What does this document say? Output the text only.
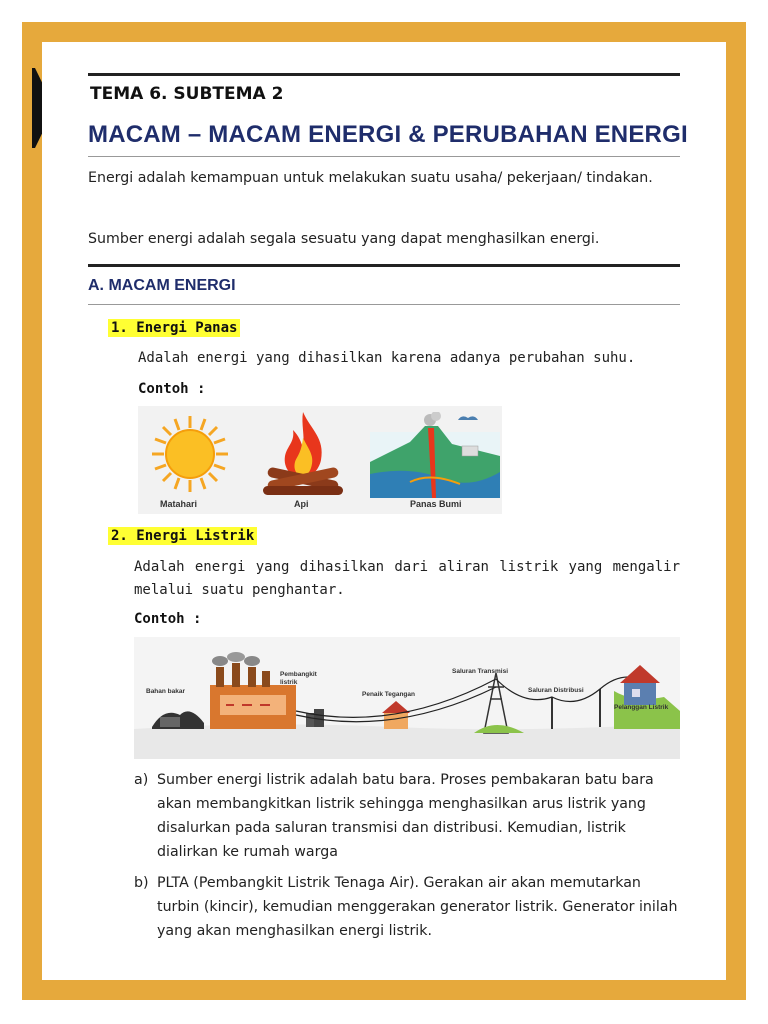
TEMA 6. SUBTEMA 2
MACAM – MACAM ENERGI & PERUBAHAN ENERGI
Energi adalah kemampuan untuk melakukan suatu usaha/ pekerjaan/ tindakan.
Sumber energi adalah segala sesuatu yang dapat menghasilkan energi.
A. MACAM ENERGI
1. Energi Panas
Adalah energi yang dihasilkan karena adanya perubahan suhu.
Contoh :
Matahari	Api	Panas Bumi
2. Energi Listrik
Adalah energi yang dihasilkan dari aliran listrik yang mengalir melalui suatu penghantar.
Contoh :
Bahan bakar
Pembangkit listrik
Penaik Tegangan
Saluran Transmisi
Saluran Distribusi
Pelanggan Listrik
a) Sumber energi listrik adalah batu bara. Proses pembakaran batu bara akan membangkitkan listrik sehingga menghasilkan arus listrik yang disalurkan pada saluran transmisi dan distribusi. Kemudian, listrik dialirkan ke rumah warga
b) PLTA (Pembangkit Listrik Tenaga Air). Gerakan air akan memutarkan turbin (kincir), kemudian menggerakan generator listrik. Generator inilah yang akan menghasilkan energi listrik.
